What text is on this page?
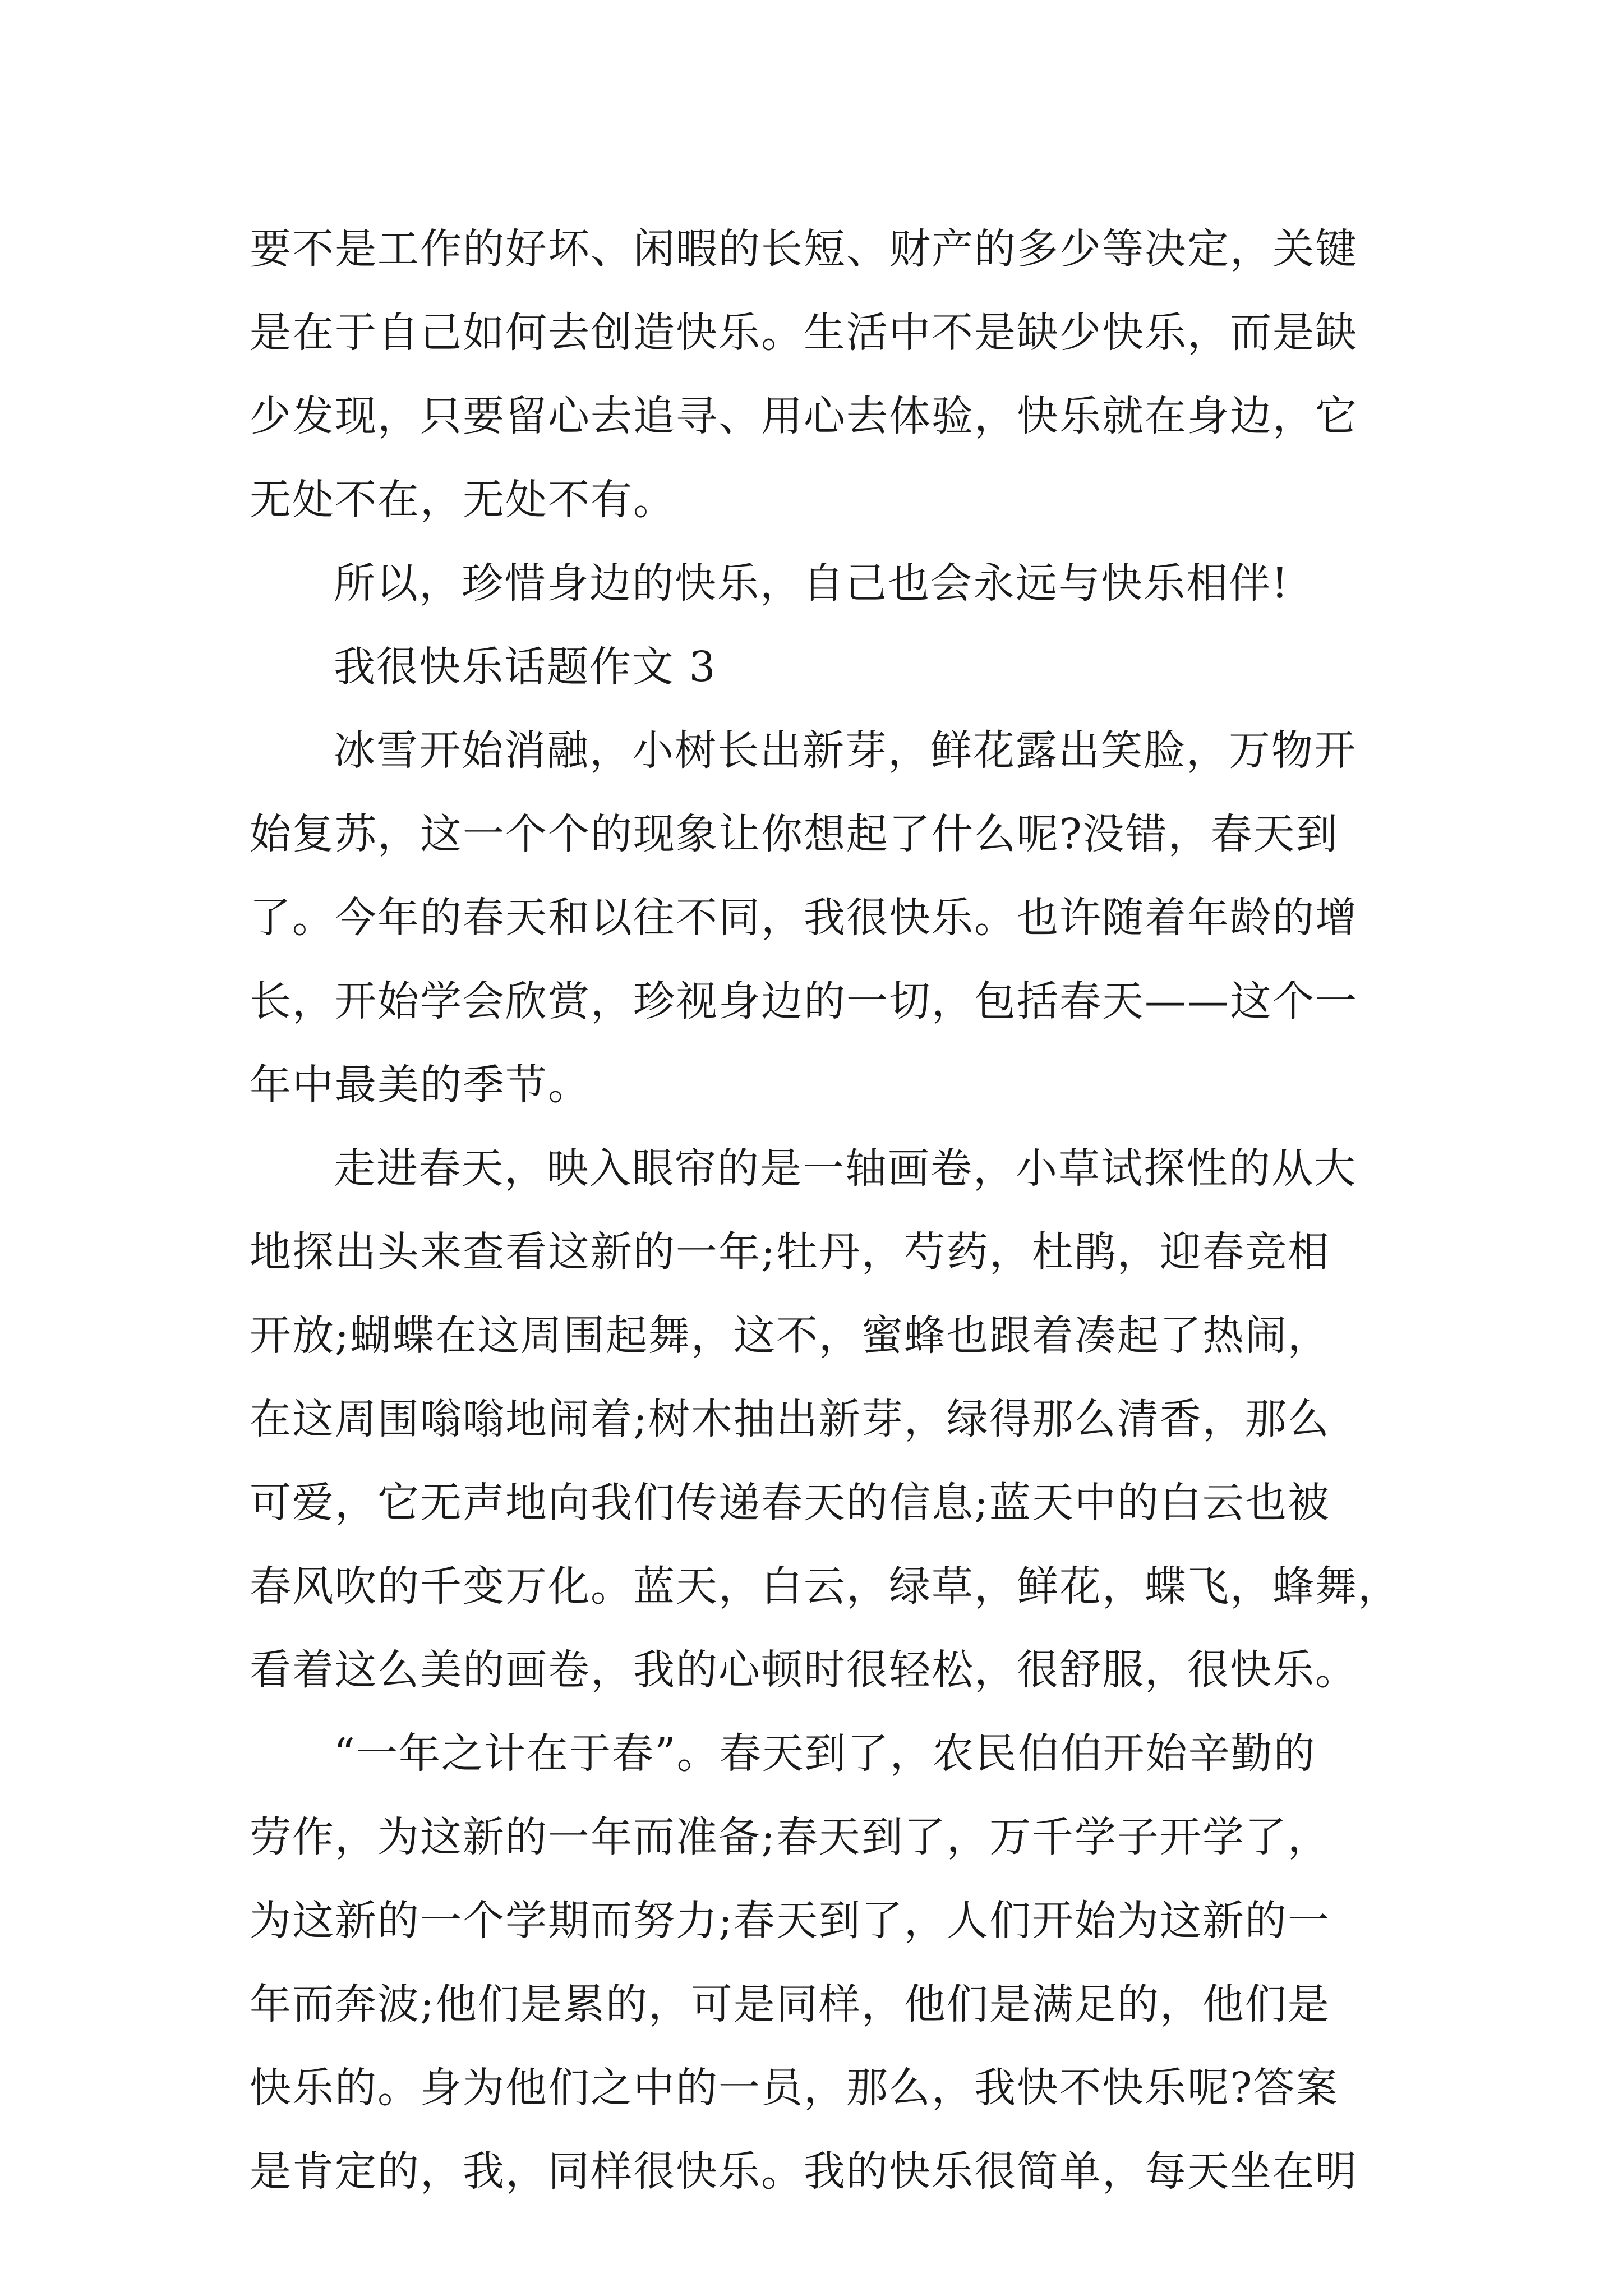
要不是工作的好坏、闲暇的长短、财产的多少等决定，关键
是在于自己如何去创造快乐。生活中不是缺少快乐，而是缺
少发现，只要留心去追寻、用心去体验，快乐就在身边，它
无处不在，无处不有。
所以，珍惜身边的快乐，自己也会永远与快乐相伴!
我很快乐话题作文 3
冰雪开始消融，小树长出新芽，鲜花露出笑脸，万物开
始复苏，这一个个的现象让你想起了什么呢?没错，春天到
了。今年的春天和以往不同，我很快乐。也许随着年龄的增
长，开始学会欣赏，珍视身边的一切，包括春天——这个一
年中最美的季节。
走进春天，映入眼帘的是一轴画卷，小草试探性的从大
地探出头来查看这新的一年;牡丹，芍药，杜鹃，迎春竞相
开放;蝴蝶在这周围起舞，这不，蜜蜂也跟着凑起了热闹，
在这周围嗡嗡地闹着;树木抽出新芽，绿得那么清香，那么
可爱，它无声地向我们传递春天的信息;蓝天中的白云也被
春风吹的千变万化。蓝天，白云，绿草，鲜花，蝶飞，蜂舞，
看着这么美的画卷，我的心顿时很轻松，很舒服，很快乐。
“一年之计在于春”。春天到了，农民伯伯开始辛勤的
劳作，为这新的一年而准备;春天到了，万千学子开学了，
为这新的一个学期而努力;春天到了，人们开始为这新的一
年而奔波;他们是累的，可是同样，他们是满足的，他们是
快乐的。身为他们之中的一员，那么，我快不快乐呢?答案
是肯定的，我，同样很快乐。我的快乐很简单，每天坐在明
